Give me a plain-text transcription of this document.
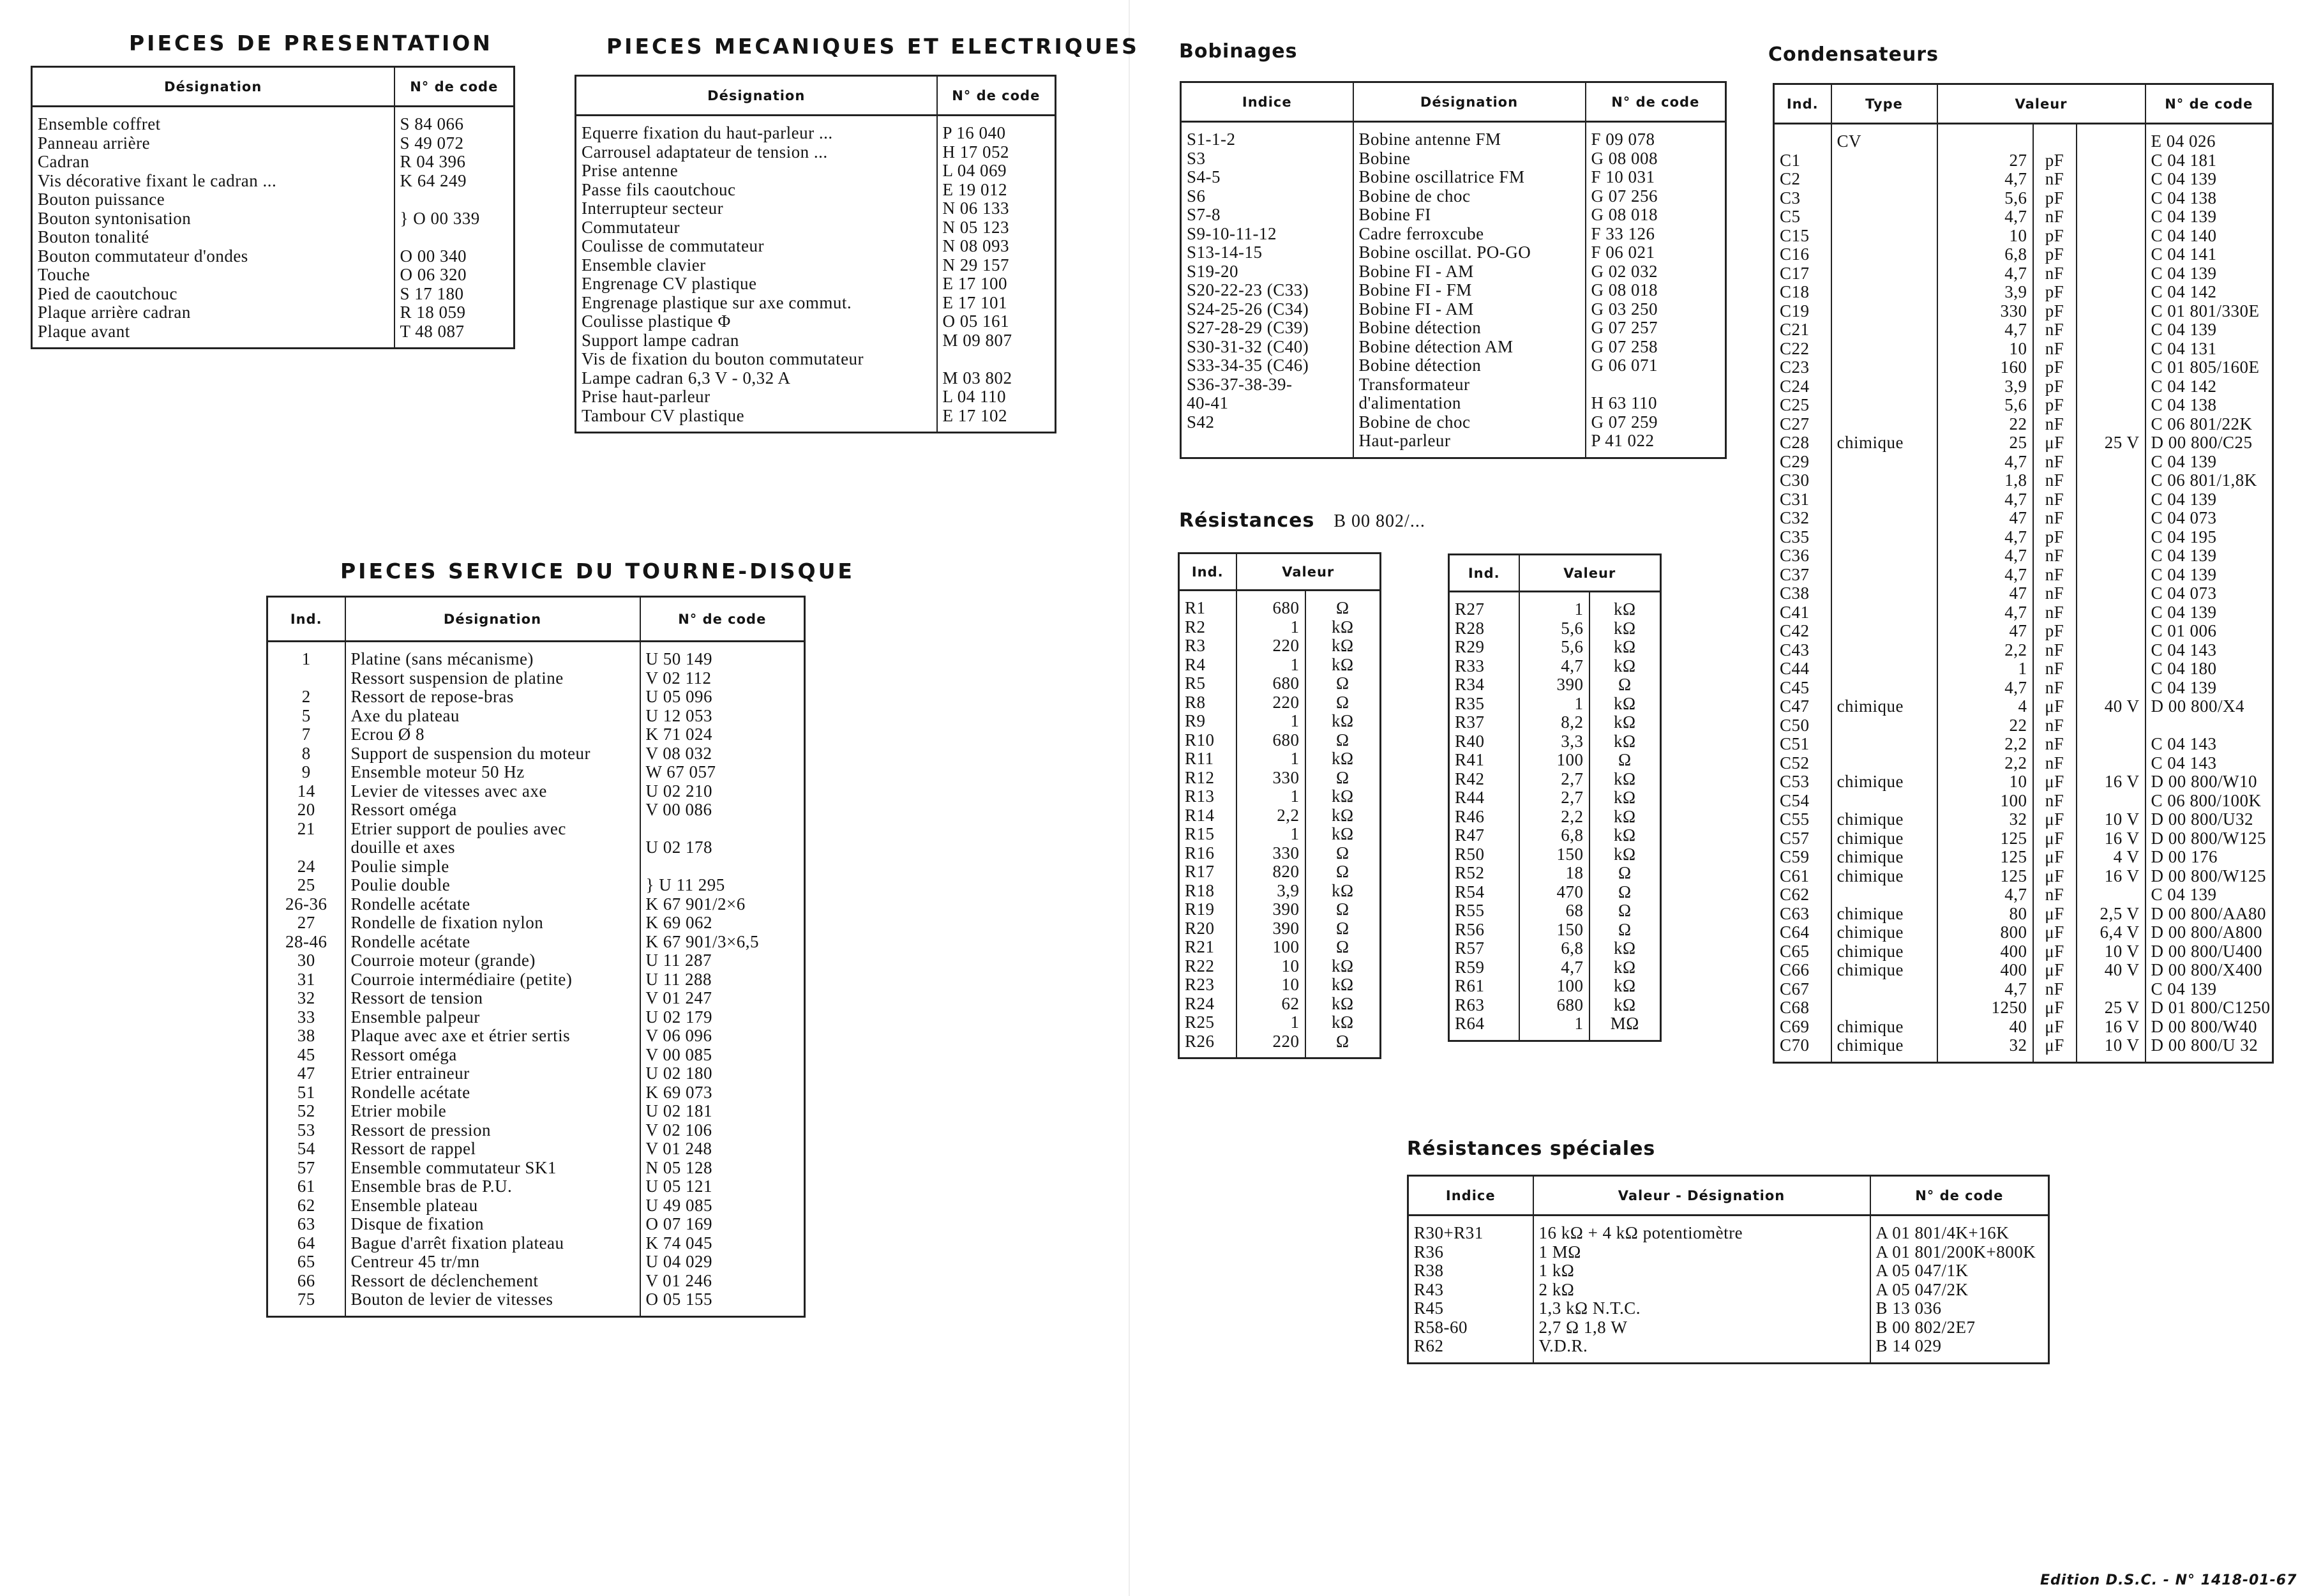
PIECES DE PRESENTATION
Désignation	N° de code
Ensemble coffret	S 84 066
Panneau arrière	S 49 072
Cadran	R 04 396
Vis décorative fixant le cadran ...	K 64 249
Bouton puissance	
Bouton syntonisation	} O 00 339
Bouton tonalité	
Bouton commutateur d'ondes	O 00 340
Touche	O 06 320
Pied de caoutchouc	S 17 180
Plaque arrière cadran	R 18 059
Plaque avant	T 48 087
PIECES MECANIQUES ET ELECTRIQUES
Désignation	N° de code
Equerre fixation du haut-parleur ...	P 16 040
Carrousel adaptateur de tension ...	H 17 052
Prise antenne	L 04 069
Passe fils caoutchouc	E 19 012
Interrupteur secteur	N 06 133
Commutateur	N 05 123
Coulisse de commutateur	N 08 093
Ensemble clavier	N 29 157
Engrenage CV plastique	E 17 100
Engrenage plastique sur axe commut.	E 17 101
Coulisse plastique Φ	O 05 161
Support lampe cadran	M 09 807
Vis de fixation du bouton commutateur	
Lampe cadran 6,3 V - 0,32 A	M 03 802
Prise haut-parleur	L 04 110
Tambour CV plastique	E 17 102
PIECES SERVICE DU TOURNE-DISQUE
Ind.	Désignation	N° de code
1	Platine (sans mécanisme)	U 50 149
	Ressort suspension de platine	V 02 112
2	Ressort de repose-bras	U 05 096
5	Axe du plateau	U 12 053
7	Ecrou Ø 8	K 71 024
8	Support de suspension du moteur	V 08 032
9	Ensemble moteur 50 Hz	W 67 057
14	Levier de vitesses avec axe	U 02 210
20	Ressort oméga	V 00 086
21	Etrier support de poulies avec	
	douille et axes	U 02 178
24	Poulie simple	
25	Poulie double	} U 11 295
26-36	Rondelle acétate	K 67 901/2×6
27	Rondelle de fixation nylon	K 69 062
28-46	Rondelle acétate	K 67 901/3×6,5
30	Courroie moteur (grande)	U 11 287
31	Courroie intermédiaire (petite)	U 11 288
32	Ressort de tension	V 01 247
33	Ensemble palpeur	U 02 179
38	Plaque avec axe et étrier sertis	V 06 096
45	Ressort oméga	V 00 085
47	Etrier entraineur	U 02 180
51	Rondelle acétate	K 69 073
52	Etrier mobile	U 02 181
53	Ressort de pression	V 02 106
54	Ressort de rappel	V 01 248
57	Ensemble commutateur SK1	N 05 128
61	Ensemble bras de P.U.	U 05 121
62	Ensemble plateau	U 49 085
63	Disque de fixation	O 07 169
64	Bague d'arrêt fixation plateau	K 74 045
65	Centreur 45 tr/mn	U 04 029
66	Ressort de déclenchement	V 01 246
75	Bouton de levier de vitesses	O 05 155
Bobinages
Indice	Désignation	N° de code
S1-1-2	Bobine antenne FM	F 09 078
S3	Bobine	G 08 008
S4-5	Bobine oscillatrice FM	F 10 031
S6	Bobine de choc	G 07 256
S7-8	Bobine FI	G 08 018
S9-10-11-12	Cadre ferroxcube	F 33 126
S13-14-15	Bobine oscillat. PO-GO	F 06 021
S19-20	Bobine FI - AM	G 02 032
S20-22-23 (C33)	Bobine FI - FM	G 08 018
S24-25-26 (C34)	Bobine FI - AM	G 03 250
S27-28-29 (C39)	Bobine détection	G 07 257
S30-31-32 (C40)	Bobine détection AM	G 07 258
S33-34-35 (C46)	Bobine détection	G 06 071
S36-37-38-39-	Transformateur	
40-41	d'alimentation	H 63 110
S42	Bobine de choc	G 07 259
	Haut-parleur	P 41 022
Résistances B 00 802/...
Ind.	Valeur	
R1	680	Ω
R2	1	kΩ
R3	220	kΩ
R4	1	kΩ
R5	680	Ω
R8	220	Ω
R9	1	kΩ
R10	680	Ω
R11	1	kΩ
R12	330	Ω
R13	1	kΩ
R14	2,2	kΩ
R15	1	kΩ
R16	330	Ω
R17	820	Ω
R18	3,9	kΩ
R19	390	Ω
R20	390	Ω
R21	100	Ω
R22	10	kΩ
R23	10	kΩ
R24	62	kΩ
R25	1	kΩ
R26	220	Ω
Ind.	Valeur	
R27	1	kΩ
R28	5,6	kΩ
R29	5,6	kΩ
R33	4,7	kΩ
R34	390	Ω
R35	1	kΩ
R37	8,2	kΩ
R40	3,3	kΩ
R41	100	Ω
R42	2,7	kΩ
R44	2,7	kΩ
R46	2,2	kΩ
R47	6,8	kΩ
R50	150	kΩ
R52	18	Ω
R54	470	Ω
R55	68	Ω
R56	150	Ω
R57	6,8	kΩ
R59	4,7	kΩ
R61	100	kΩ
R63	680	kΩ
R64	1	MΩ
Condensateurs
Ind.	Type	Valeur			N° de code
	CV				E 04 026
C1		27	pF		C 04 181
C2		4,7	nF		C 04 139
C3		5,6	pF		C 04 138
C5		4,7	nF		C 04 139
C15		10	pF		C 04 140
C16		6,8	pF		C 04 141
C17		4,7	nF		C 04 139
C18		3,9	pF		C 04 142
C19		330	pF		C 01 801/330E
C21		4,7	nF		C 04 139
C22		10	nF		C 04 131
C23		160	pF		C 01 805/160E
C24		3,9	pF		C 04 142
C25		5,6	pF		C 04 138
C27		22	nF		C 06 801/22K
C28	chimique	25	μF	25 V	D 00 800/C25
C29		4,7	nF		C 04 139
C30		1,8	nF		C 06 801/1,8K
C31		4,7	nF		C 04 139
C32		47	nF		C 04 073
C35		4,7	pF		C 04 195
C36		4,7	nF		C 04 139
C37		4,7	nF		C 04 139
C38		47	nF		C 04 073
C41		4,7	nF		C 04 139
C42		47	pF		C 01 006
C43		2,2	nF		C 04 143
C44		1	nF		C 04 180
C45		4,7	nF		C 04 139
C47	chimique	4	μF	40 V	D 00 800/X4
C50		22	nF		
C51		2,2	nF		C 04 143
C52		2,2	nF		C 04 143
C53	chimique	10	μF	16 V	D 00 800/W10
C54		100	nF		C 06 800/100K
C55	chimique	32	μF	10 V	D 00 800/U32
C57	chimique	125	μF	16 V	D 00 800/W125
C59	chimique	125	μF	4 V	D 00 176
C61	chimique	125	μF	16 V	D 00 800/W125
C62		4,7	nF		C 04 139
C63	chimique	80	μF	2,5 V	D 00 800/AA80
C64	chimique	800	μF	6,4 V	D 00 800/A800
C65	chimique	400	μF	10 V	D 00 800/U400
C66	chimique	400	μF	40 V	D 00 800/X400
C67		4,7	nF		C 04 139
C68		1250	μF	25 V	D 01 800/C1250
C69	chimique	40	μF	16 V	D 00 800/W40
C70	chimique	32	μF	10 V	D 00 800/U 32
Résistances spéciales
Indice	Valeur - Désignation	N° de code
R30+R31	16 kΩ + 4 kΩ potentiomètre	A 01 801/4K+16K
R36	1 MΩ	A 01 801/200K+800K
R38	1 kΩ	A 05 047/1K
R43	2 kΩ	A 05 047/2K
R45	1,3 kΩ N.T.C.	B 13 036
R58-60	2,7 Ω 1,8 W	B 00 802/2E7
R62	V.D.R.	B 14 029
Edition D.S.C. - N° 1418-01-67
